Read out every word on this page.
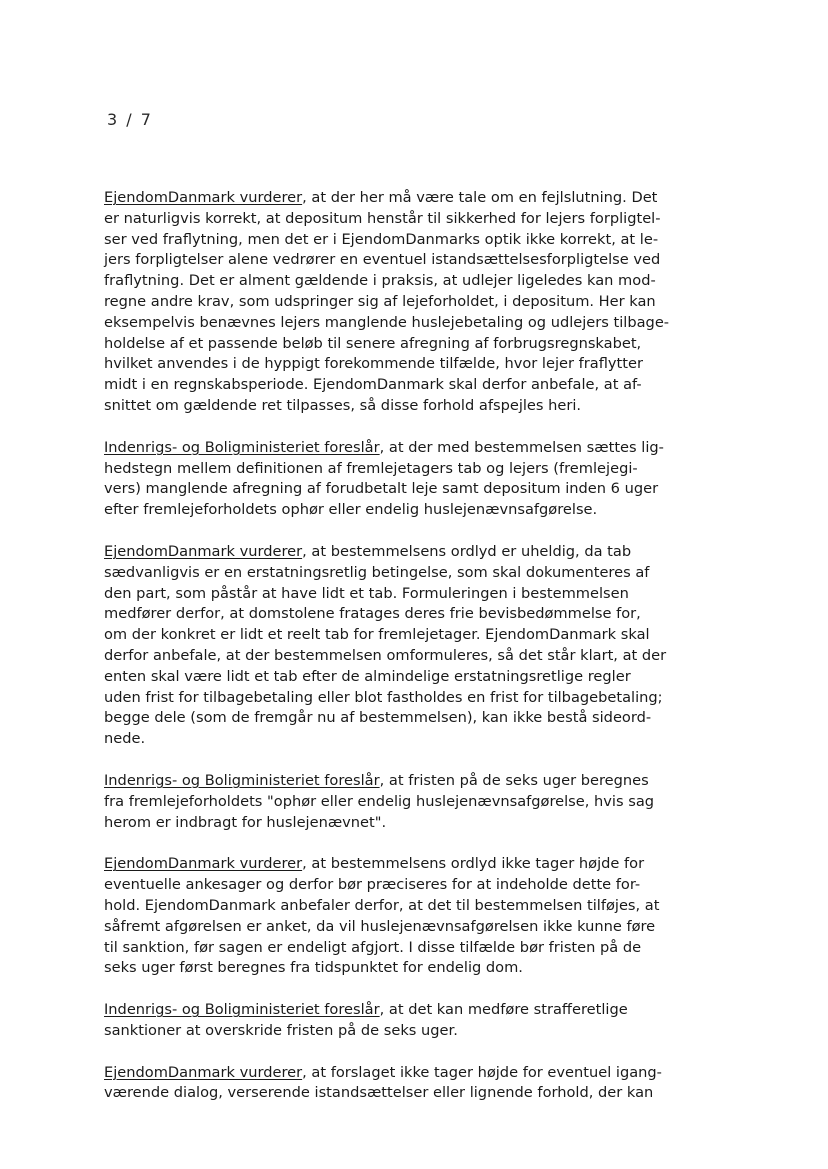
3 / 7
EjendomDanmark vurderer, at der her må være tale om en fejlslutning. Det
er naturligvis korrekt, at depositum henstår til sikkerhed for lejers forpligtel-
ser ved fraflytning, men det er i EjendomDanmarks optik ikke korrekt, at le-
jers forpligtelser alene vedrører en eventuel istandsættelsesforpligtelse ved
fraflytning. Det er alment gældende i praksis, at udlejer ligeledes kan mod-
regne andre krav, som udspringer sig af lejeforholdet, i depositum. Her kan
eksempelvis benævnes lejers manglende huslejebetaling og udlejers tilbage-
holdelse af et passende beløb til senere afregning af forbrugsregnskabet,
hvilket anvendes i de hyppigt forekommende tilfælde, hvor lejer fraflytter
midt i en regnskabsperiode. EjendomDanmark skal derfor anbefale, at af-
snittet om gældende ret tilpasses, så disse forhold afspejles heri.
Indenrigs- og Boligministeriet foreslår, at der med bestemmelsen sættes lig-
hedstegn mellem definitionen af fremlejetagers tab og lejers (fremlejegi-
vers) manglende afregning af forudbetalt leje samt depositum inden 6 uger
efter fremlejeforholdets ophør eller endelig huslejenævnsafgørelse.
EjendomDanmark vurderer, at bestemmelsens ordlyd er uheldig, da tab
sædvanligvis er en erstatningsretlig betingelse, som skal dokumenteres af
den part, som påstår at have lidt et tab. Formuleringen i bestemmelsen
medfører derfor, at domstolene fratages deres frie bevisbedømmelse for,
om der konkret er lidt et reelt tab for fremlejetager. EjendomDanmark skal
derfor anbefale, at der bestemmelsen omformuleres, så det står klart, at der
enten skal være lidt et tab efter de almindelige erstatningsretlige regler
uden frist for tilbagebetaling eller blot fastholdes en frist for tilbagebetaling;
begge dele (som de fremgår nu af bestemmelsen), kan ikke bestå sideord-
nede.
Indenrigs- og Boligministeriet foreslår, at fristen på de seks uger beregnes
fra fremlejeforholdets "ophør eller endelig huslejenævnsafgørelse, hvis sag
herom er indbragt for huslejenævnet".
EjendomDanmark vurderer, at bestemmelsens ordlyd ikke tager højde for
eventuelle ankesager og derfor bør præciseres for at indeholde dette for-
hold. EjendomDanmark anbefaler derfor, at det til bestemmelsen tilføjes, at
såfremt afgørelsen er anket, da vil huslejenævnsafgørelsen ikke kunne føre
til sanktion, før sagen er endeligt afgjort. I disse tilfælde bør fristen på de
seks uger først beregnes fra tidspunktet for endelig dom.
Indenrigs- og Boligministeriet foreslår, at det kan medføre strafferetlige
sanktioner at overskride fristen på de seks uger.
EjendomDanmark vurderer, at forslaget ikke tager højde for eventuel igang-
værende dialog, verserende istandsættelser eller lignende forhold, der kan
